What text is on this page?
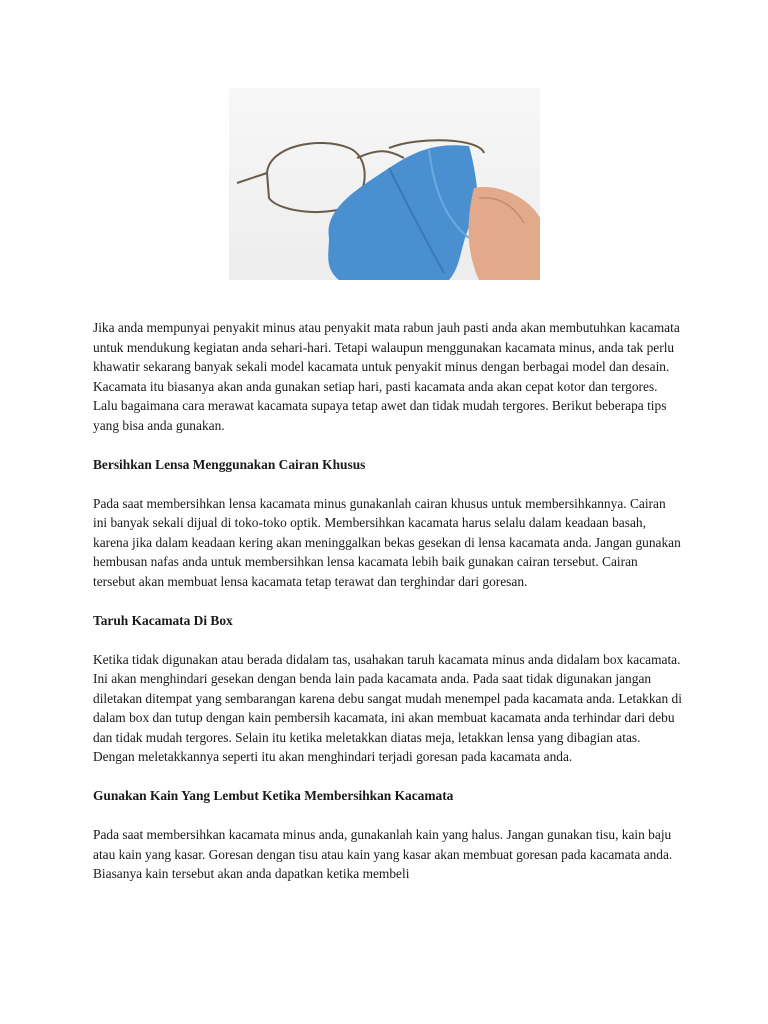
Jika anda mempunyai penyakit minus atau penyakit mata rabun jauh pasti anda akan membutuhkan kacamata untuk mendukung kegiatan anda sehari-hari. Tetapi walaupun menggunakan kacamata minus, anda tak perlu khawatir sekarang banyak sekali model kacamata untuk penyakit minus dengan berbagai model dan desain. Kacamata itu biasanya akan anda gunakan setiap hari, pasti kacamata anda akan cepat kotor dan tergores. Lalu bagaimana cara merawat kacamata supaya tetap awet dan tidak mudah tergores. Berikut beberapa tips yang bisa anda gunakan.

Bersihkan Lensa Menggunakan Cairan Khusus

Pada saat membersihkan lensa kacamata minus gunakanlah cairan khusus untuk membersihkannya. Cairan ini banyak sekali dijual di toko-toko optik. Membersihkan kacamata harus selalu dalam keadaan basah, karena jika dalam keadaan kering akan meninggalkan bekas gesekan di lensa kacamata anda. Jangan gunakan hembusan nafas anda untuk membersihkan lensa kacamata lebih baik gunakan cairan tersebut. Cairan tersebut akan membuat lensa kacamata tetap terawat dan terghindar dari goresan.

Taruh Kacamata Di Box

Ketika tidak digunakan atau berada didalam tas, usahakan taruh kacamata minus anda didalam box kacamata. Ini akan menghindari gesekan dengan benda lain pada kacamata anda. Pada saat tidak digunakan jangan diletakan ditempat yang sembarangan karena debu sangat mudah menempel pada kacamata anda. Letakkan di dalam box dan tutup dengan kain pembersih kacamata, ini akan membuat kacamata anda terhindar dari debu dan tidak mudah tergores. Selain itu ketika meletakkan diatas meja, letakkan lensa yang dibagian atas. Dengan meletakkannya seperti itu akan menghindari terjadi goresan pada kacamata anda.

Gunakan Kain Yang Lembut Ketika Membersihkan Kacamata

Pada saat membersihkan kacamata minus anda, gunakanlah kain yang halus. Jangan gunakan tisu, kain baju atau kain yang kasar. Goresan dengan tisu atau kain yang kasar akan membuat goresan pada kacamata anda. Biasanya kain tersebut akan anda dapatkan ketika membeli
